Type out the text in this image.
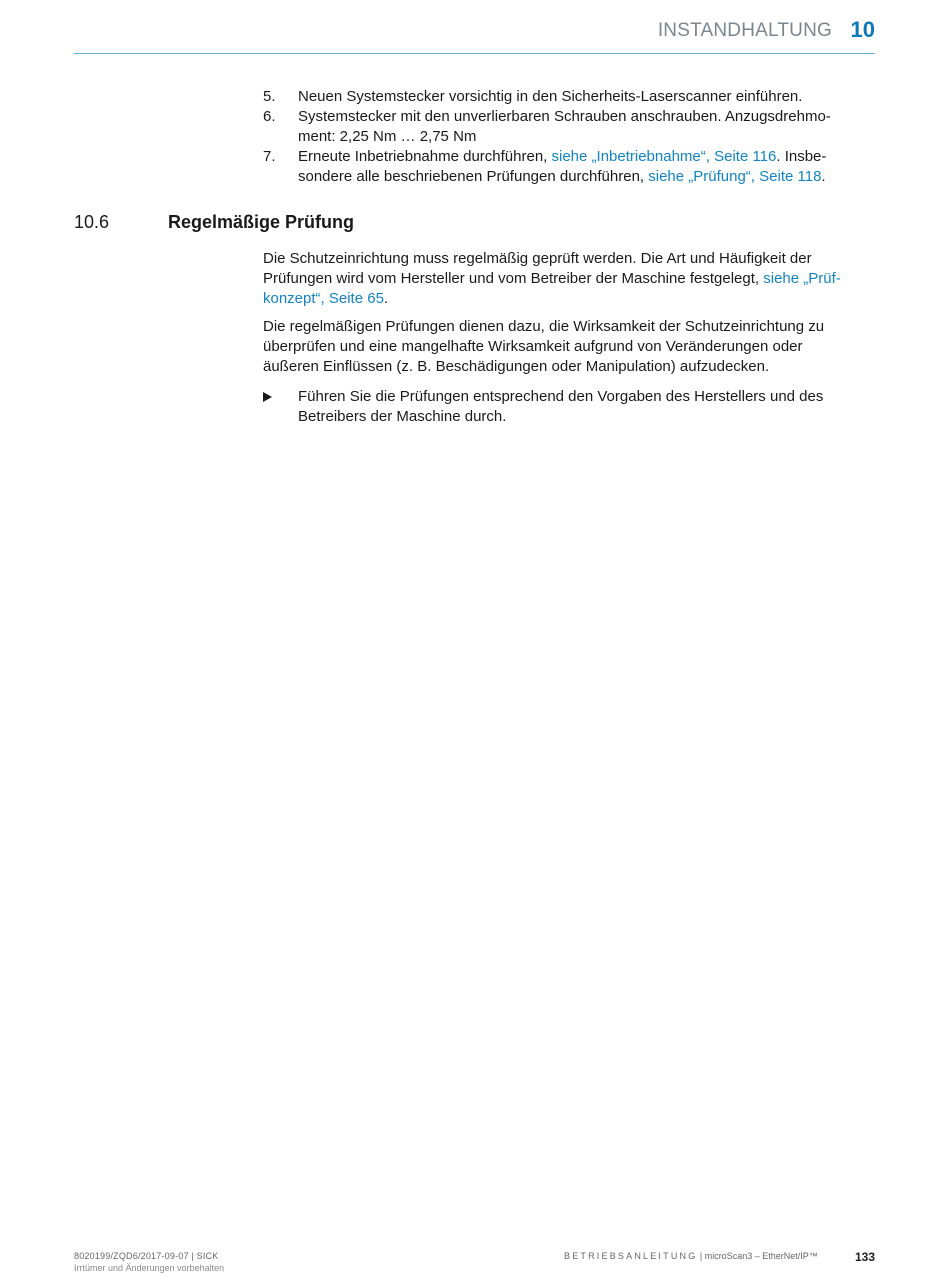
INSTANDHALTUNG 10
5. Neuen Systemstecker vorsichtig in den Sicherheits-Laserscanner einführen.
6. Systemstecker mit den unverlierbaren Schrauben anschrauben. Anzugsdrehmo-
ment: 2,25 Nm … 2,75 Nm
7. Erneute Inbetriebnahme durchführen, siehe „Inbetriebnahme“, Seite 116. Insbe-
sondere alle beschriebenen Prüfungen durchführen, siehe „Prüfung“, Seite 118.
10.6	Regelmäßige Prüfung
Die Schutzeinrichtung muss regelmäßig geprüft werden. Die Art und Häufigkeit der
Prüfungen wird vom Hersteller und vom Betreiber der Maschine festgelegt, siehe „Prüf-
konzept“, Seite 65.
Die regelmäßigen Prüfungen dienen dazu, die Wirksamkeit der Schutzeinrichtung zu
überprüfen und eine mangelhafte Wirksamkeit aufgrund von Veränderungen oder
äußeren Einflüssen (z. B. Beschädigungen oder Manipulation) aufzudecken.
Führen Sie die Prüfungen entsprechend den Vorgaben des Herstellers und des
Betreibers der Maschine durch.
8020199/ZQD6/2017-09-07 | SICK
Irrtümer und Änderungen vorbehalten
BETRIEBSANLEITUNG | microScan3 – EtherNet/IP™	133
